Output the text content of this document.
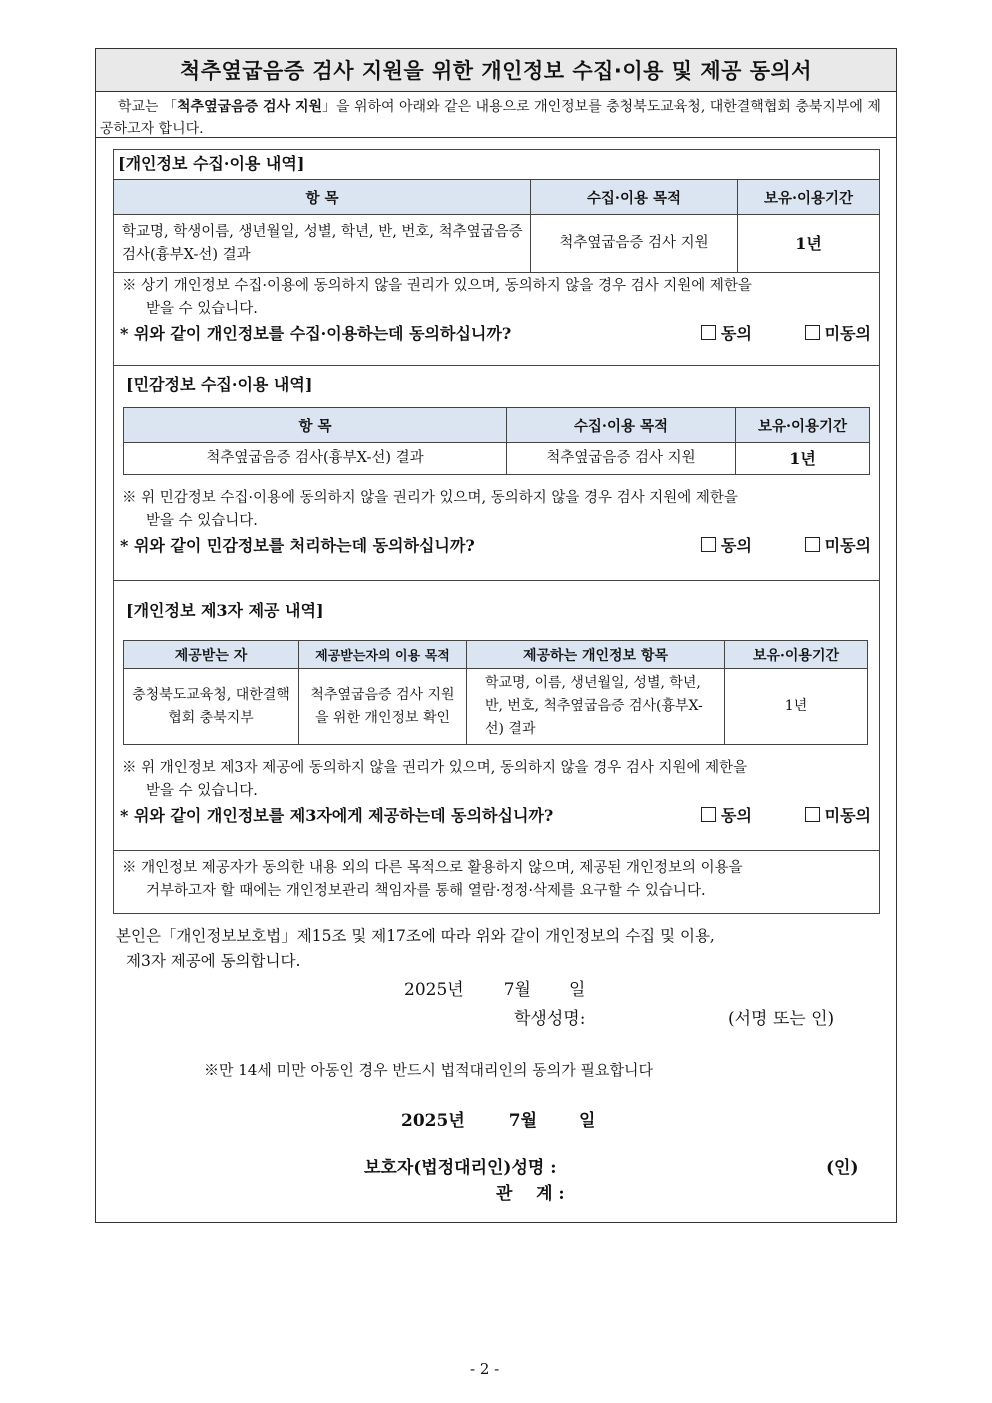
척추옆굽음증 검사 지원을 위한 개인정보 수집·이용 및 제공 동의서
학교는 「척추옆굽음증 검사 지원」을 위하여 아래와 같은 내용으로 개인정보를 충청북도교육청, 대한결핵협회 충북지부에 제공하고자 합니다.
[개인정보 수집·이용 내역]
항 목	수집·이용 목적	보유·이용기간
학교명, 학생이름, 생년월일, 성별, 학년, 반, 번호, 척추옆굽음증 검사(흉부X-선) 결과	척추옆굽음증 검사 지원	1년
※ 상기 개인정보 수집·이용에 동의하지 않을 권리가 있으며, 동의하지 않을 경우 검사 지원에 제한을
받을 수 있습니다.
* 위와 같이 개인정보를 수집·이용하는데 동의하십니까?	동의	미동의
[민감정보 수집·이용 내역]
항 목	수집·이용 목적	보유·이용기간
척추옆굽음증 검사(흉부X-선) 결과	척추옆굽음증 검사 지원	1년
※ 위 민감정보 수집·이용에 동의하지 않을 권리가 있으며, 동의하지 않을 경우 검사 지원에 제한을
받을 수 있습니다.
* 위와 같이 민감정보를 처리하는데 동의하십니까?	동의	미동의
[개인정보 제3자 제공 내역]
제공받는 자	제공받는자의 이용 목적	제공하는 개인정보 항목	보유·이용기간
충청북도교육청, 대한결핵협회 충북지부	척추옆굽음증 검사 지원을 위한 개인정보 확인	학교명, 이름, 생년월일, 성별, 학년, 반, 번호, 척추옆굽음증 검사(흉부X-선) 결과	1년
※ 위 개인정보 제3자 제공에 동의하지 않을 권리가 있으며, 동의하지 않을 경우 검사 지원에 제한을
받을 수 있습니다.
* 위와 같이 개인정보를 제3자에게 제공하는데 동의하십니까?	동의	미동의
※ 개인정보 제공자가 동의한 내용 외의 다른 목적으로 활용하지 않으며, 제공된 개인정보의 이용을
거부하고자 할 때에는 개인정보관리 책임자를 통해 열람·정정·삭제를 요구할 수 있습니다.
본인은「개인정보보호법」제15조 및 제17조에 따라 위와 같이 개인정보의 수집 및 이용,
제3자 제공에 동의합니다.
2025년 7월 일
학생성명:	(서명 또는 인)
※만 14세 미만 아동인 경우 반드시 법적대리인의 동의가 필요합니다
2025년	7월 일
보호자(법정대리인)성명 :	(인)
관    계 :
- 2 -
